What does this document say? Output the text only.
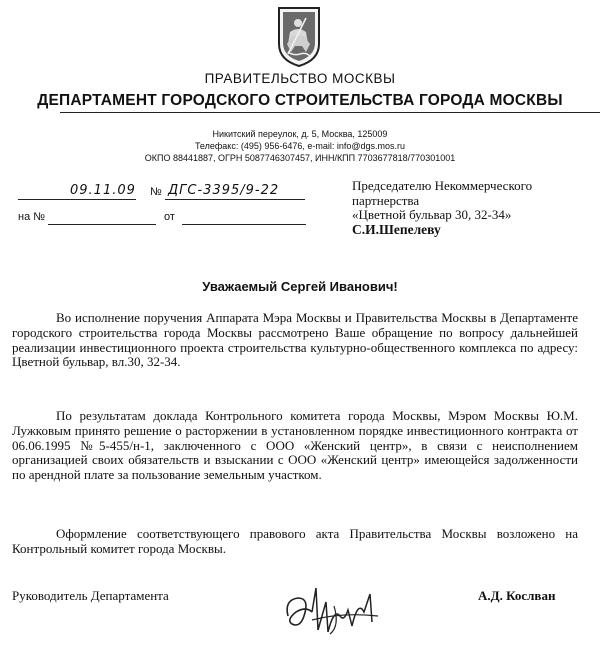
ПРАВИТЕЛЬСТВО МОСКВЫ
ДЕПАРТАМЕНТ ГОРОДСКОГО СТРОИТЕЛЬСТВА ГОРОДА МОСКВЫ
Никитский переулок, д. 5, Москва, 125009
Телефакс: (495) 956-6476, e-mail: info@dgs.mos.ru
ОКПО 88441887, ОГРН 5087746307457, ИНН/КПП 7703677818/770301001
09.11.09 № ДГС-3395/9-22
на №	от
Председателю Некоммерческого
партнерства
«Цветной бульвар 30, 32-34»
С.И.Шепелеву
Уважаемый Сергей Иванович!

Во исполнение поручения Аппарата Мэра Москвы и Правительства Москвы в Департаменте городского строительства города Москвы рассмотрено Ваше обращение по вопросу дальнейшей реализации инвестиционного проекта строительства культурно-общественного комплекса по адресу: Цветной бульвар, вл.30, 32-34.

По результатам доклада Контрольного комитета города Москвы, Мэром Москвы Ю.М. Лужковым принято решение о расторжении в установленном порядке инвестиционного контракта от 06.06.1995 №5-455/н-1, заключенного с ООО «Женский центр», в связи с неисполнением организацией своих обязательств и взыскании с ООО «Женский центр» имеющейся задолженности по арендной плате за пользование земельным участком.

Оформление соответствующего правового акта Правительства Москвы возложено на Контрольный комитет города Москвы.

Руководитель Департамента	А.Д. Кослван
